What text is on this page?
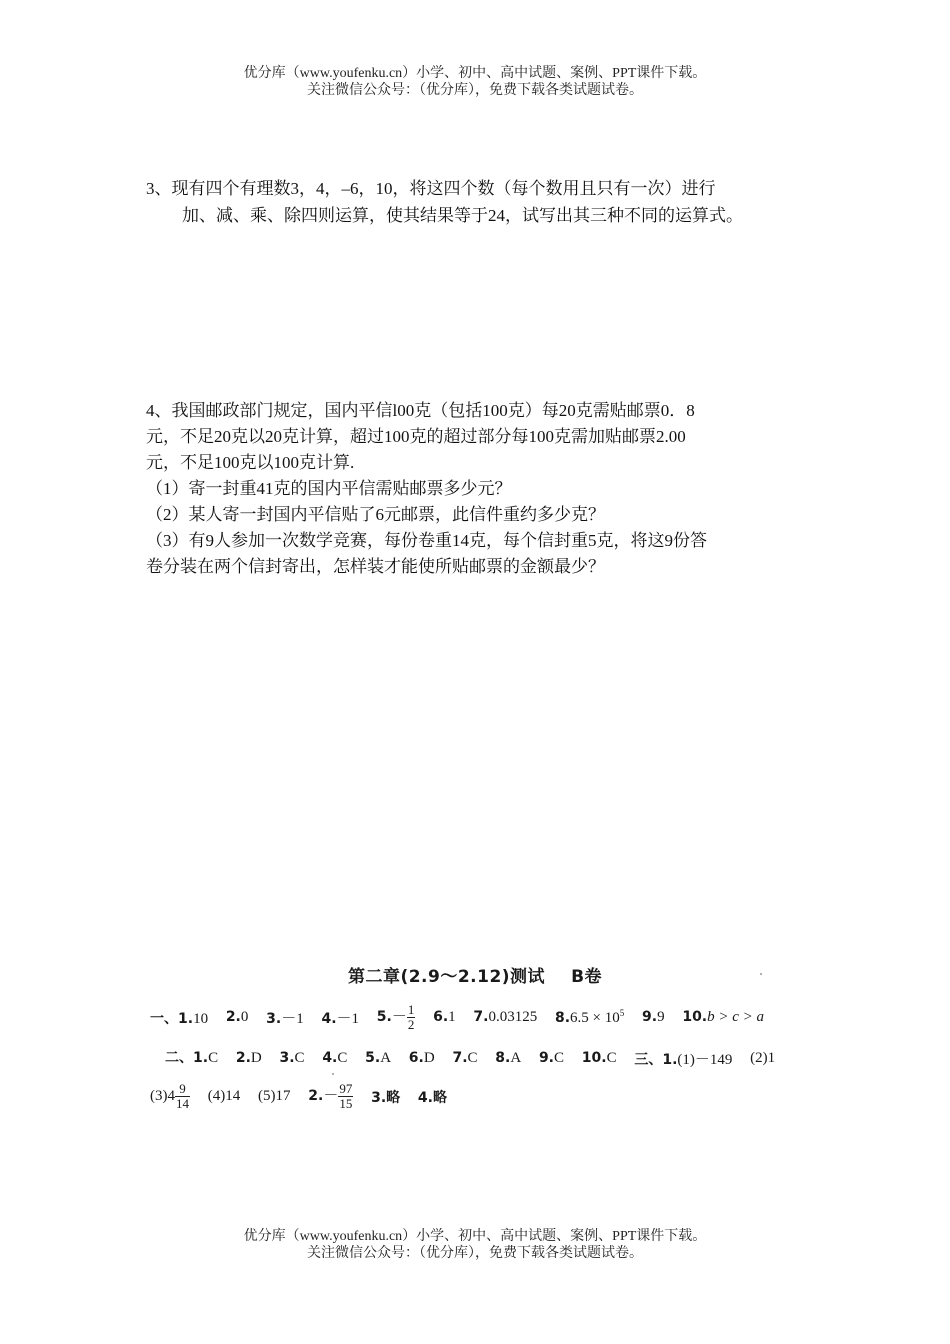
优分库（www.youfenku.cn）小学、初中、高中试题、案例、PPT课件下载。
关注微信公众号：（优分库），免费下载各类试题试卷。
3、现有四个有理数3，4，–6，10，将这四个数（每个数用且只有一次）进行
加、减、乘、除四则运算，使其结果等于24，试写出其三种不同的运算式。
4、我国邮政部门规定，国内平信l00克（包括100克）每20克需贴邮票0．8
元，不足20克以20克计算，超过100克的超过部分每100克需加贴邮票2.00
元，不足100克以100克计算.
（1）寄一封重41克的国内平信需贴邮票多少元？
（2）某人寄一封国内平信贴了6元邮票，此信件重约多少克？
（3）有9人参加一次数学竞赛，每份卷重14克，每个信封重5克，将这9份答
卷分装在两个信封寄出，怎样装才能使所贴邮票的金额最少？
第二章(2.9～2.12)测试 B卷
一、1.10 2.0 3.－1 4.－1 $5.- \frac{1}{2} 6.1$ 7.0.03125 $8.6.5 \times 10^5$ 9.9 10.b > c > a
二、1.C 2.D 3.C 4.C 5.A 6.D 7.C 8.A 9.C 10.C 三、1.(1)－149 (2)1
$(3)4 \frac{9}{14} (4)14$ (5)17 $2.- \frac{97}{15} 3$.略 4.略
优分库（www.youfenku.cn）小学、初中、高中试题、案例、PPT课件下载。
关注微信公众号：（优分库），免费下载各类试题试卷。
